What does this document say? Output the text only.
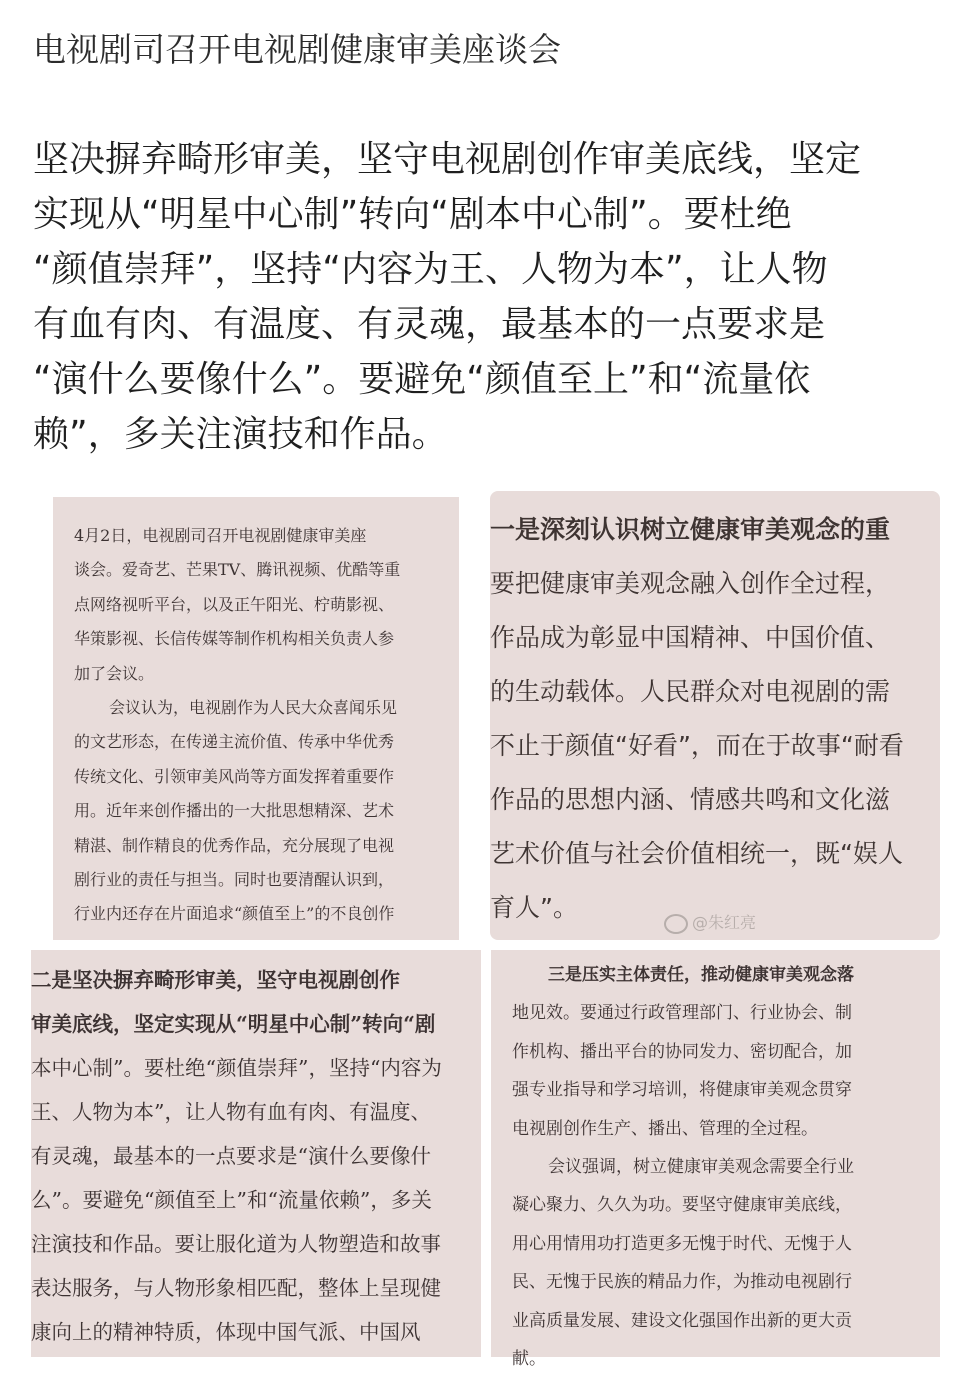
电视剧司召开电视剧健康审美座谈会
坚决摒弃畸形审美，坚守电视剧创作审美底线，坚定
实现从“明星中心制”转向“剧本中心制”。要杜绝
“颜值崇拜”，坚持“内容为王、人物为本”，让人物
有血有肉、有温度、有灵魂，最基本的一点要求是
“演什么要像什么”。要避免“颜值至上”和“流量依
赖”，多关注演技和作品。
4月2日，电视剧司召开电视剧健康审美座
谈会。爱奇艺、芒果TV、腾讯视频、优酷等重
点网络视听平台，以及正午阳光、柠萌影视、
华策影视、长信传媒等制作机构相关负责人参
加了会议。
会议认为，电视剧作为人民大众喜闻乐见
的文艺形态，在传递主流价值、传承中华优秀
传统文化、引领审美风尚等方面发挥着重要作
用。近年来创作播出的一大批思想精深、艺术
精湛、制作精良的优秀作品，充分展现了电视
剧行业的责任与担当。同时也要清醒认识到，
行业内还存在片面追求“颜值至上”的不良创作
一是深刻认识树立健康审美观念的重
要把健康审美观念融入创作全过程，
作品成为彰显中国精神、中国价值、
的生动载体。人民群众对电视剧的需
不止于颜值“好看”，而在于故事“耐看
作品的思想内涵、情感共鸣和文化滋
艺术价值与社会价值相统一，既“娱人
育人”。
@朱红亮
二是坚决摒弃畸形审美，坚守电视剧创作
审美底线，坚定实现从“明星中心制”转向“剧
本中心制”。要杜绝“颜值崇拜”，坚持“内容为
王、人物为本”，让人物有血有肉、有温度、
有灵魂，最基本的一点要求是“演什么要像什
么”。要避免“颜值至上”和“流量依赖”，多关
注演技和作品。要让服化道为人物塑造和故事
表达服务，与人物形象相匹配，整体上呈现健
康向上的精神特质，体现中国气派、中国风
三是压实主体责任，推动健康审美观念落
地见效。要通过行政管理部门、行业协会、制
作机构、播出平台的协同发力、密切配合，加
强专业指导和学习培训，将健康审美观念贯穿
电视剧创作生产、播出、管理的全过程。
会议强调，树立健康审美观念需要全行业
凝心聚力、久久为功。要坚守健康审美底线，
用心用情用功打造更多无愧于时代、无愧于人
民、无愧于民族的精品力作，为推动电视剧行
业高质量发展、建设文化强国作出新的更大贡
献。
